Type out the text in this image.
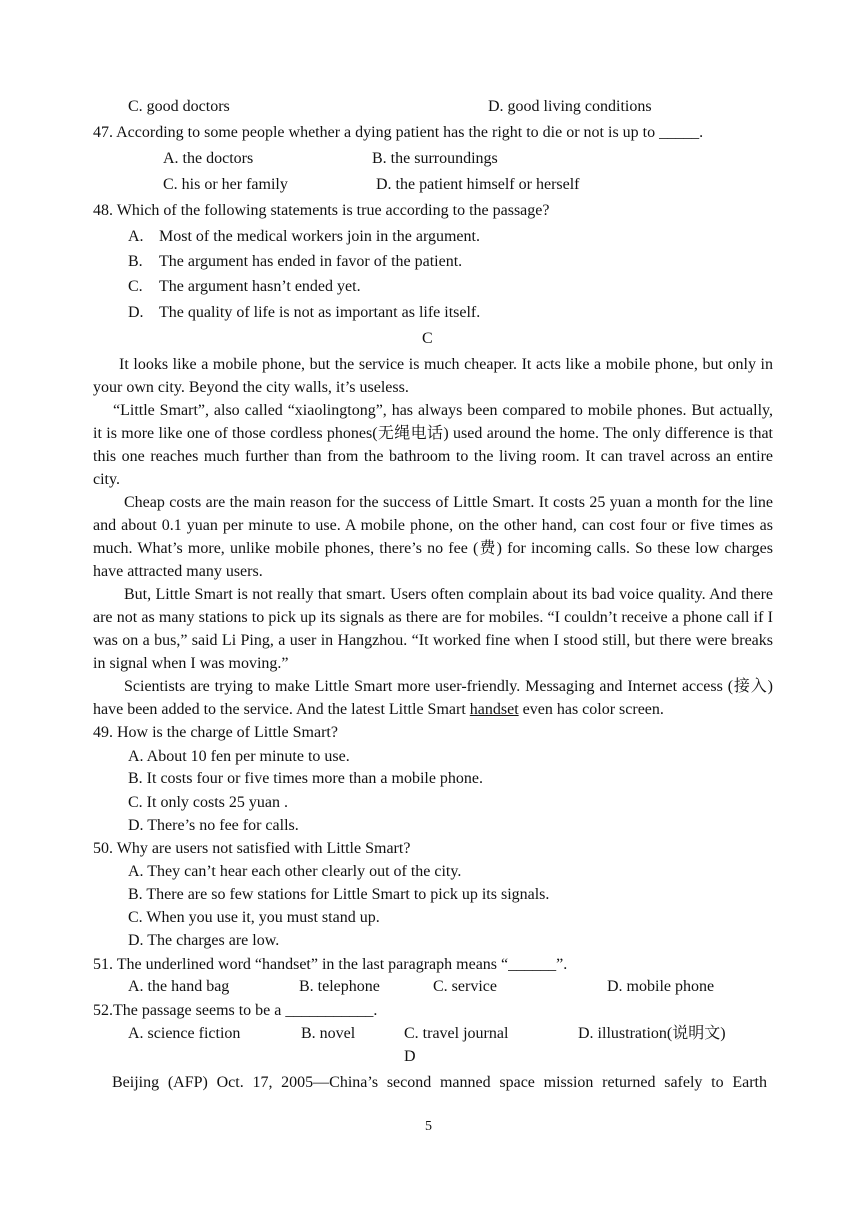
C. good doctors	D. good living conditions
47. According to some people whether a dying patient has the right to die or not is up to _____.
A. the doctors	B. the surroundings
C. his or her family	D. the patient himself or herself
48. Which of the following statements is true according to the passage?
A. Most of the medical workers join in the argument.
B. The argument has ended in favor of the patient.
C. The argument hasn’t ended yet.
D. The quality of life is not as important as life itself.
C
It looks like a mobile phone, but the service is much cheaper. It acts like a mobile phone, but only in your own city. Beyond the city walls, it’s useless.
“Little Smart”, also called “xiaolingtong”, has always been compared to mobile phones. But actually, it is more like one of those cordless phones(无绳电话) used around the home. The only difference is that this one reaches much further than from the bathroom to the living room. It can travel across an entire city.
Cheap costs are the main reason for the success of Little Smart. It costs 25 yuan a month for the line and about 0.1 yuan per minute to use. A mobile phone, on the other hand, can cost four or five times as much. What’s more, unlike mobile phones, there’s no fee (费) for incoming calls. So these low charges have attracted many users.
But, Little Smart is not really that smart. Users often complain about its bad voice quality. And there are not as many stations to pick up its signals as there are for mobiles. “I couldn’t receive a phone call if I was on a bus,” said Li Ping, a user in Hangzhou. “It worked fine when I stood still, but there were breaks in signal when I was moving.”
Scientists are trying to make Little Smart more user-friendly. Messaging and Internet access (接入) have been added to the service. And the latest Little Smart handset even has color screen.
49. How is the charge of Little Smart?
A. About 10 fen per minute to use.
B. It costs four or five times more than a mobile phone.
C. It only costs 25 yuan .
D. There’s no fee for calls.
50. Why are users not satisfied with Little Smart?
A. They can’t hear each other clearly out of the city.
B. There are so few stations for Little Smart to pick up its signals.
C. When you use it, you must stand up.
D. The charges are low.
51. The underlined word “handset” in the last paragraph means “______”.
A. the hand bag	B. telephone	C. service	D. mobile phone
52.The passage seems to be a ___________.
A. science fiction	B. novel	C. travel journal	D. illustration(说明文)
D
Beijing (AFP) Oct. 17, 2005—China’s second manned space mission returned safely to Earth
5
